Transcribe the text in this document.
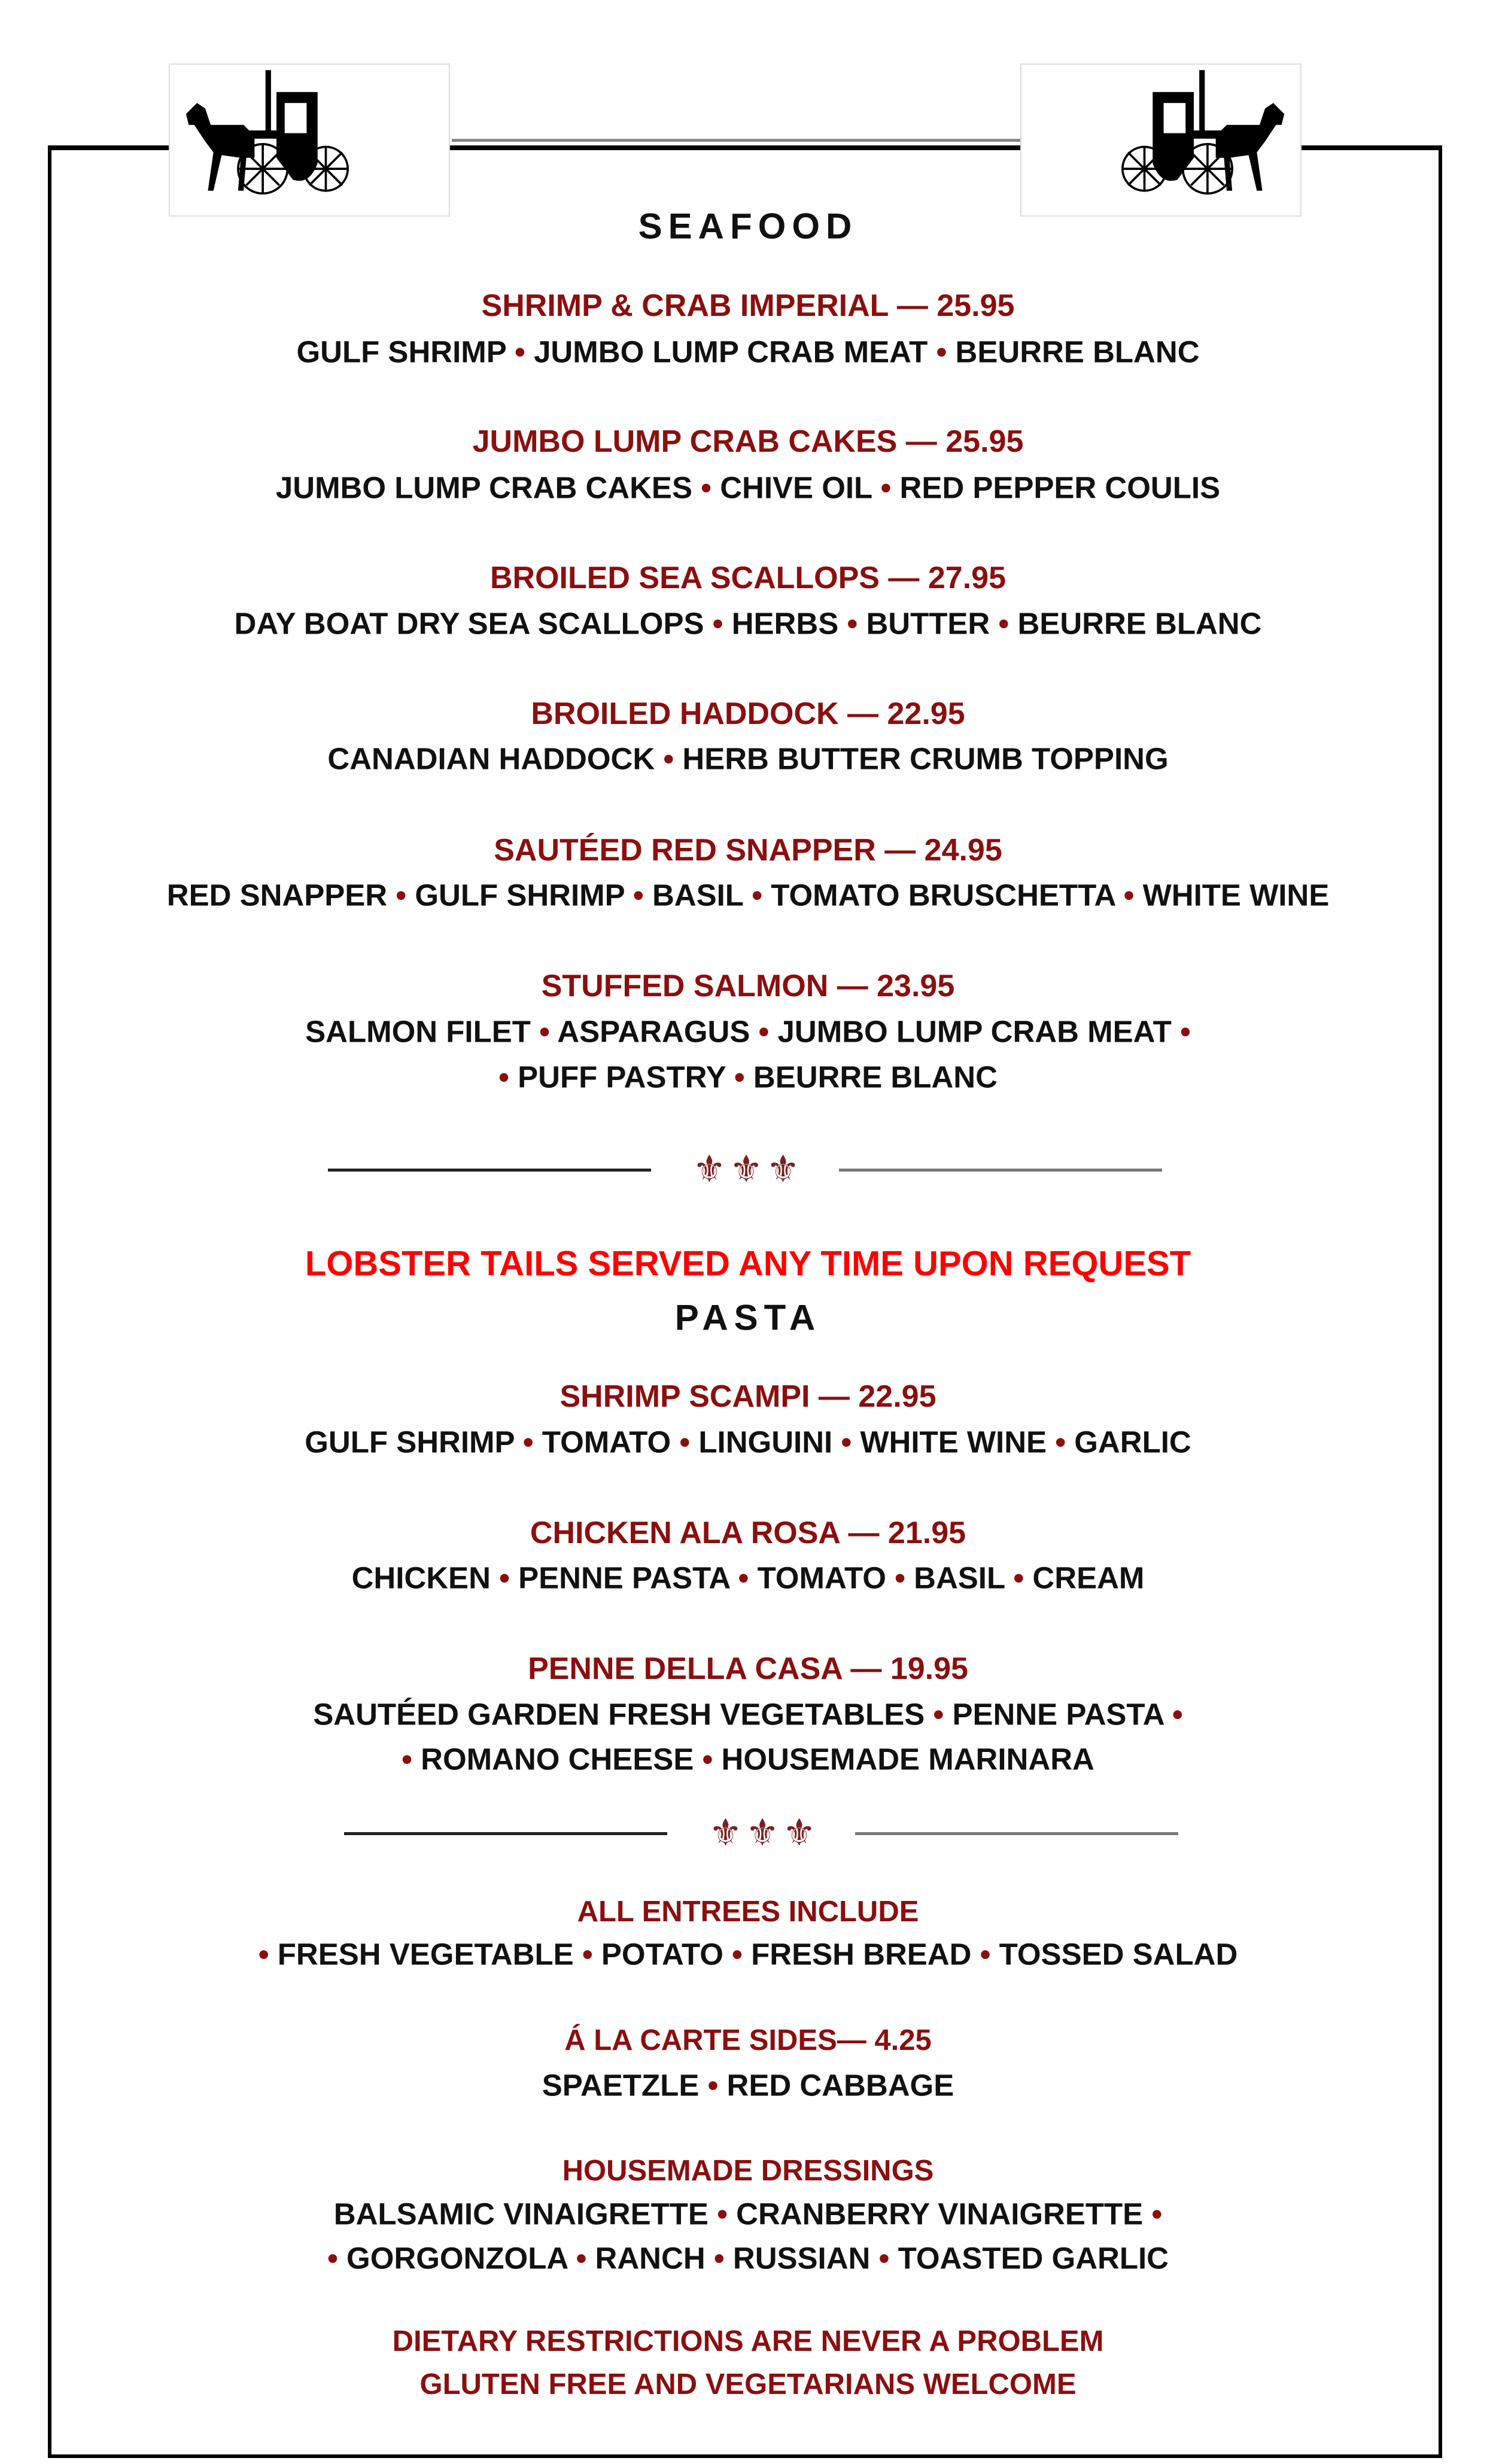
SEAFOOD
SHRIMP & CRAB IMPERIAL — 25.95
GULF SHRIMP • JUMBO LUMP CRAB MEAT • BEURRE BLANC
JUMBO LUMP CRAB CAKES — 25.95
JUMBO LUMP CRAB CAKES • CHIVE OIL • RED PEPPER COULIS
BROILED SEA SCALLOPS — 27.95
DAY BOAT DRY SEA SCALLOPS • HERBS • BUTTER • BEURRE BLANC
BROILED HADDOCK — 22.95
CANADIAN HADDOCK • HERB BUTTER CRUMB TOPPING
SAUTÉED RED SNAPPER — 24.95
RED SNAPPER • GULF SHRIMP • BASIL • TOMATO BRUSCHETTA • WHITE WINE
STUFFED SALMON — 23.95
SALMON FILET • ASPARAGUS • JUMBO LUMP CRAB MEAT •
• PUFF PASTRY • BEURRE BLANC
⚜⚜⚜
LOBSTER TAILS SERVED ANY TIME UPON REQUEST
PASTA
SHRIMP SCAMPI — 22.95
GULF SHRIMP • TOMATO • LINGUINI • WHITE WINE • GARLIC
CHICKEN ALA ROSA — 21.95
CHICKEN • PENNE PASTA • TOMATO • BASIL • CREAM
PENNE DELLA CASA — 19.95
SAUTÉED GARDEN FRESH VEGETABLES • PENNE PASTA •
• ROMANO CHEESE • HOUSEMADE MARINARA
⚜⚜⚜
ALL ENTREES INCLUDE
• FRESH VEGETABLE • POTATO • FRESH BREAD • TOSSED SALAD
Á LA CARTE SIDES— 4.25
SPAETZLE • RED CABBAGE
HOUSEMADE DRESSINGS
BALSAMIC VINAIGRETTE • CRANBERRY VINAIGRETTE •
• GORGONZOLA • RANCH • RUSSIAN • TOASTED GARLIC
DIETARY RESTRICTIONS ARE NEVER A PROBLEM
GLUTEN FREE AND VEGETARIANS WELCOME
